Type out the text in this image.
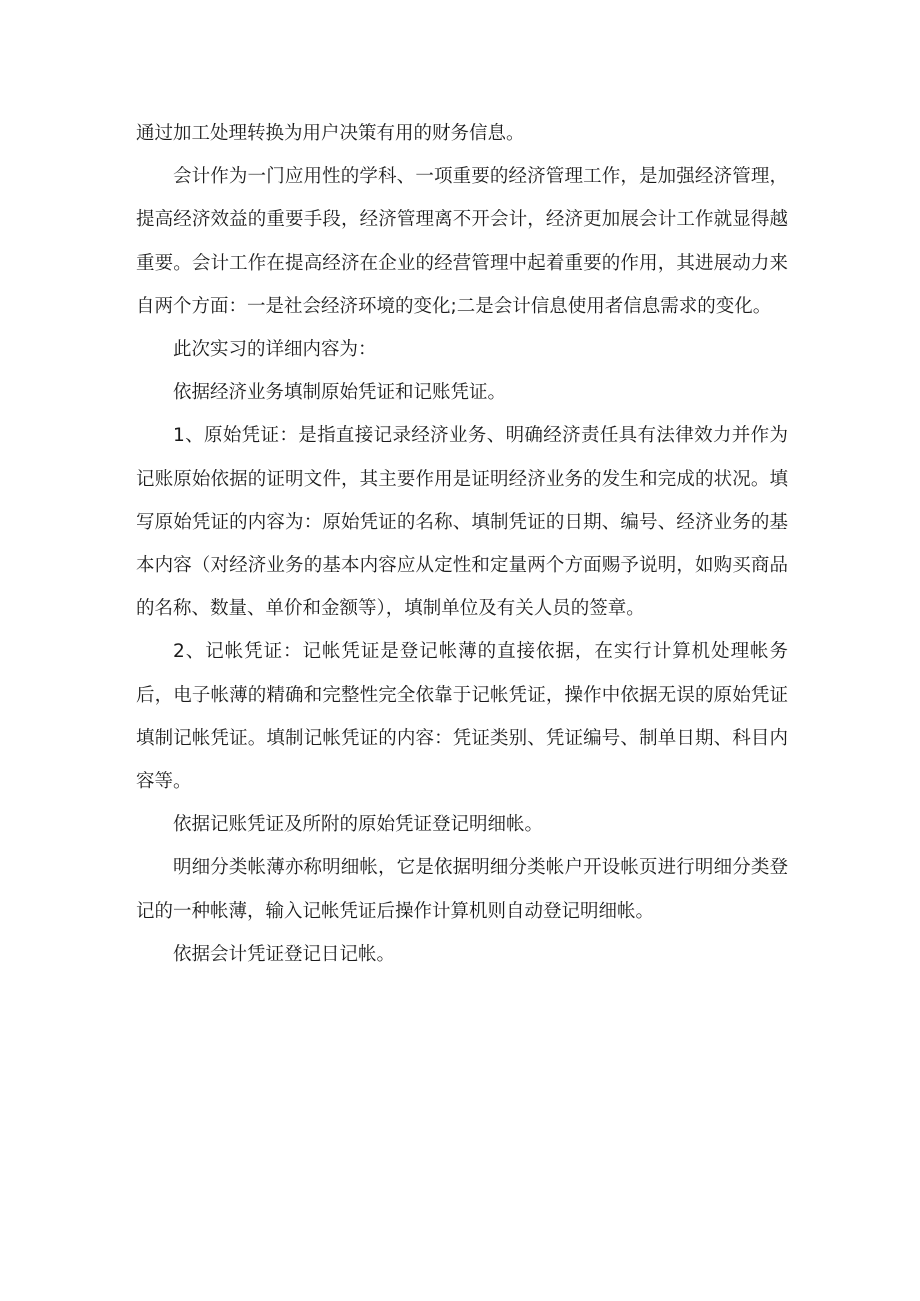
通过加工处理转换为用户决策有用的财务信息。

会计作为一门应用性的学科、一项重要的经济管理工作，是加强经济管理，提高经济效益的重要手段，经济管理离不开会计，经济更加展会计工作就显得越重要。会计工作在提高经济在企业的经营管理中起着重要的作用，其进展动力来自两个方面：一是社会经济环境的变化;二是会计信息使用者信息需求的变化。

此次实习的详细内容为：

依据经济业务填制原始凭证和记账凭证。

1、原始凭证：是指直接记录经济业务、明确经济责任具有法律效力并作为记账原始依据的证明文件，其主要作用是证明经济业务的发生和完成的状况。填写原始凭证的内容为：原始凭证的名称、填制凭证的日期、编号、经济业务的基本内容（对经济业务的基本内容应从定性和定量两个方面赐予说明，如购买商品的名称、数量、单价和金额等），填制单位及有关人员的签章。

2、记帐凭证：记帐凭证是登记帐薄的直接依据，在实行计算机处理帐务后，电子帐薄的精确和完整性完全依靠于记帐凭证，操作中依据无误的原始凭证填制记帐凭证。填制记帐凭证的内容：凭证类别、凭证编号、制单日期、科目内容等。

依据记账凭证及所附的原始凭证登记明细帐。

明细分类帐薄亦称明细帐，它是依据明细分类帐户开设帐页进行明细分类登记的一种帐薄，输入记帐凭证后操作计算机则自动登记明细帐。

依据会计凭证登记日记帐。
